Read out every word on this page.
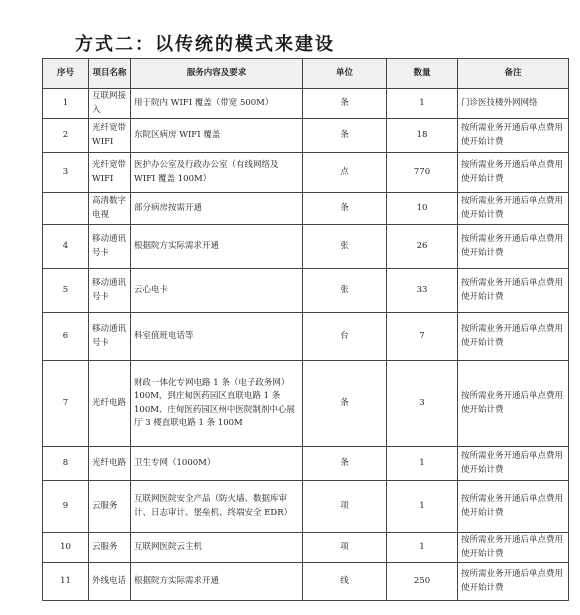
方式二：以传统的模式来建设
序号	项目名称	服务内容及要求	单位	数量	备注
1	互联网接入	用于院内 WIFI 覆盖（带宽 500M）	条	1	门诊医技楼外网网络
2	光纤宽带 WIFI	东院区病房 WIFI 覆盖	条	18	按所需业务开通后单点费用使开始计费
3	光纤宽带 WIFI	医护办公室及行政办公室（有线网络及 WIFI 覆盖 100M）	点	770	按所需业务开通后单点费用使开始计费
	高清数字电视	部分病房按需开通	条	10	按所需业务开通后单点费用使开始计费
4	移动通讯号卡	根据院方实际需求开通	张	26	按所需业务开通后单点费用使开始计费
5	移动通讯号卡	云心电卡	张	33	按所需业务开通后单点费用使开始计费
6	移动通讯号卡	科室值班电话等	台	7	按所需业务开通后单点费用使开始计费
7	光纤电路	财政一体化专网电路 1 条（电子政务网）100M，到庄甸医药园区直联电路 1 条 100M、庄甸医药园区州中医院制剂中心展厅 3 楼直联电路 1 条 100M	条	3	按所需业务开通后单点费用使开始计费
8	光纤电路	卫生专网（1000M）	条	1	按所需业务开通后单点费用使开始计费
9	云服务	互联网医院安全产品（防火墙、数据库审计、日志审计、堡垒机、终端安全 EDR）	项	1	按所需业务开通后单点费用使开始计费
10	云服务	互联网医院云主机	项	1	按所需业务开通后单点费用使开始计费
11	外线电话	根据院方实际需求开通	线	250	按所需业务开通后单点费用使开始计费
